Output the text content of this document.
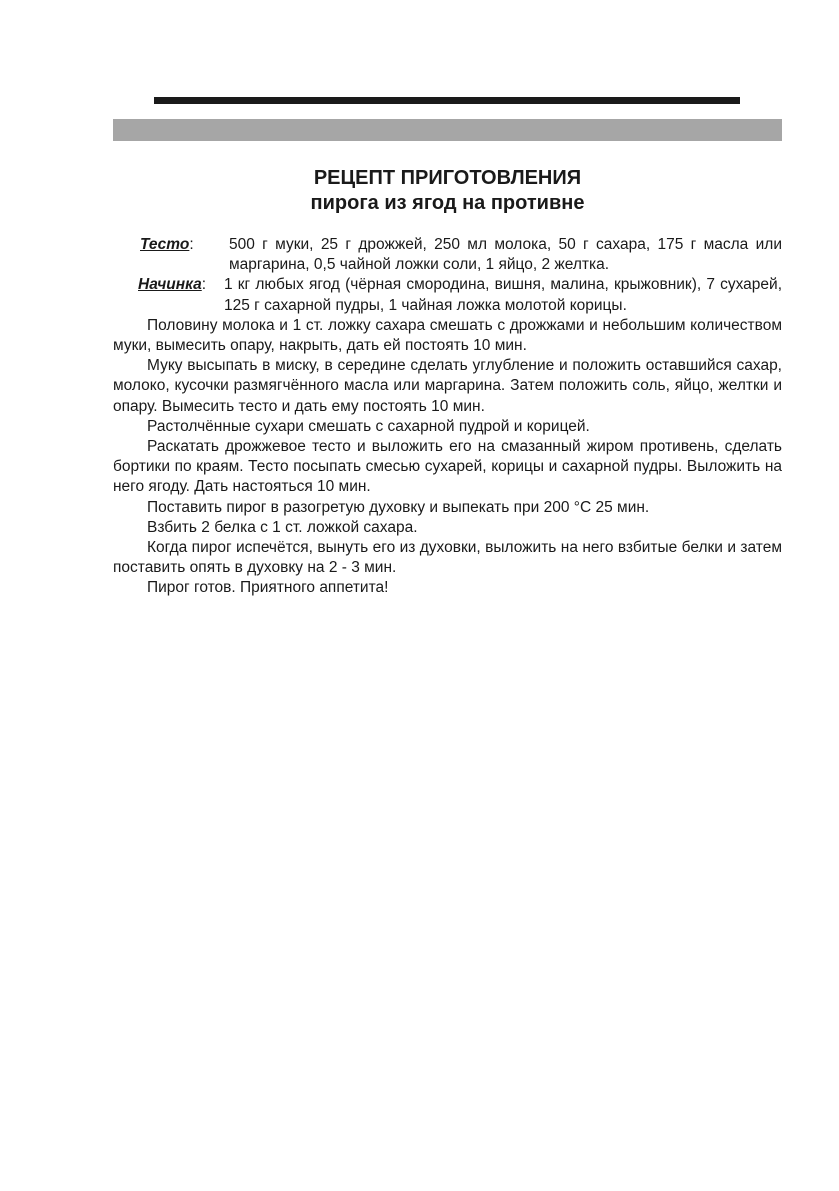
РЕЦЕПТ ПРИГОТОВЛЕНИЯ
пирога из ягод на противне
Тесто:	500 г муки, 25 г дрожжей, 250 мл молока, 50 г сахара, 175 г масла или маргарина, 0,5 чайной ложки соли, 1 яйцо, 2 желтка.
Начинка:	1 кг любых ягод (чёрная смородина, вишня, малина, крыжовник), 7 сухарей, 125 г сахарной пудры, 1 чайная ложка молотой корицы.

Половину молока и 1 ст. ложку сахара смешать с дрожжами и небольшим количеством муки, вымесить опару, накрыть, дать ей постоять 10 мин.

Муку высыпать в миску, в середине сделать углубление и положить оставшийся сахар, молоко, кусочки размягчённого масла или маргарина. Затем положить соль, яйцо, желтки и опару. Вымесить тесто и дать ему постоять 10 мин.

Растолчённые сухари смешать с сахарной пудрой и корицей.

Раскатать дрожжевое тесто и выложить его на смазанный жиром противень, сделать бортики по краям. Тесто посыпать смесью сухарей, корицы и сахарной пудры. Выложить на него ягоду. Дать настояться 10 мин.

Поставить пирог в разогретую духовку и выпекать при 200 °C 25 мин.

Взбить 2 белка с 1 ст. ложкой сахара.

Когда пирог испечётся, вынуть его из духовки, выложить на него взбитые белки и затем поставить опять в духовку на 2 - 3 мин.

Пирог готов. Приятного аппетита!
